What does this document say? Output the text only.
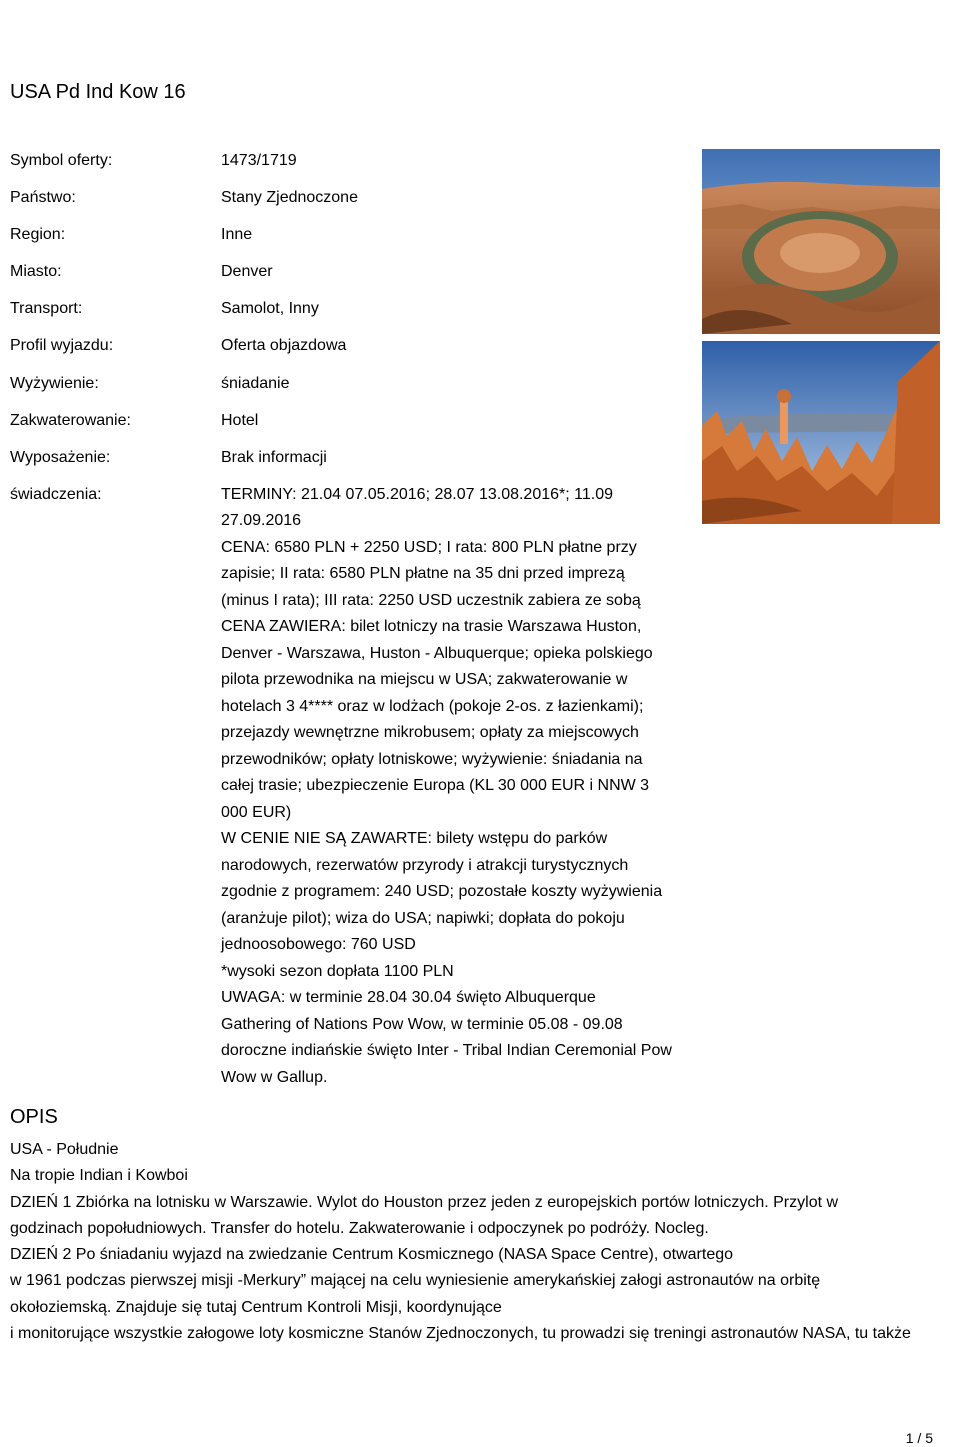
USA Pd Ind Kow 16
Symbol oferty:	1473/1719
Państwo:	Stany Zjednoczone
Region:	Inne
Miasto:	Denver
Transport:	Samolot, Inny
Profil wyjazdu:	Oferta objazdowa
Wyżywienie:	śniadanie
Zakwaterowanie:	Hotel
Wyposażenie:	Brak informacji
świadczenia:	TERMINY: 21.04 07.05.2016; 28.07 13.08.2016*; 11.09
27.09.2016
CENA: 6580 PLN + 2250 USD; I rata: 800 PLN płatne przy
zapisie; II rata: 6580 PLN płatne na 35 dni przed imprezą
(minus I rata); III rata: 2250 USD uczestnik zabiera ze sobą
CENA ZAWIERA: bilet lotniczy na trasie Warszawa Huston,
Denver - Warszawa, Huston - Albuquerque; opieka polskiego
pilota przewodnika na miejscu w USA; zakwaterowanie w
hotelach 3 4**** oraz w lodżach (pokoje 2-os. z łazienkami);
przejazdy wewnętrzne mikrobusem; opłaty za miejscowych
przewodników; opłaty lotniskowe; wyżywienie: śniadania na
całej trasie; ubezpieczenie Europa (KL 30 000 EUR i NNW 3
000 EUR)
W CENIE NIE SĄ ZAWARTE: bilety wstępu do parków
narodowych, rezerwatów przyrody i atrakcji turystycznych
zgodnie z programem: 240 USD; pozostałe koszty wyżywienia
(aranżuje pilot); wiza do USA; napiwki; dopłata do pokoju
jednoosobowego: 760 USD
*wysoki sezon dopłata 1100 PLN
UWAGA: w terminie 28.04 30.04 święto Albuquerque
Gathering of Nations Pow Wow, w terminie 05.08 - 09.08
doroczne indiańskie święto Inter - Tribal Indian Ceremonial Pow
Wow w Gallup.
OPIS
USA - Południe
Na tropie Indian i Kowboi
DZIEŃ 1 Zbiórka na lotnisku w Warszawie. Wylot do Houston przez jeden z europejskich portów lotniczych. Przylot w
godzinach popołudniowych. Transfer do hotelu. Zakwaterowanie i odpoczynek po podróży. Nocleg.
DZIEŃ 2 Po śniadaniu wyjazd na zwiedzanie Centrum Kosmicznego (NASA Space Centre), otwartego
w 1961 podczas pierwszej misji -Merkury” mającej na celu wyniesienie amerykańskiej załogi astronautów na orbitę
okołoziemską. Znajduje się tutaj Centrum Kontroli Misji, koordynujące
i monitorujące wszystkie załogowe loty kosmiczne Stanów Zjednoczonych, tu prowadzi się treningi astronautów NASA, tu także
1 / 5
